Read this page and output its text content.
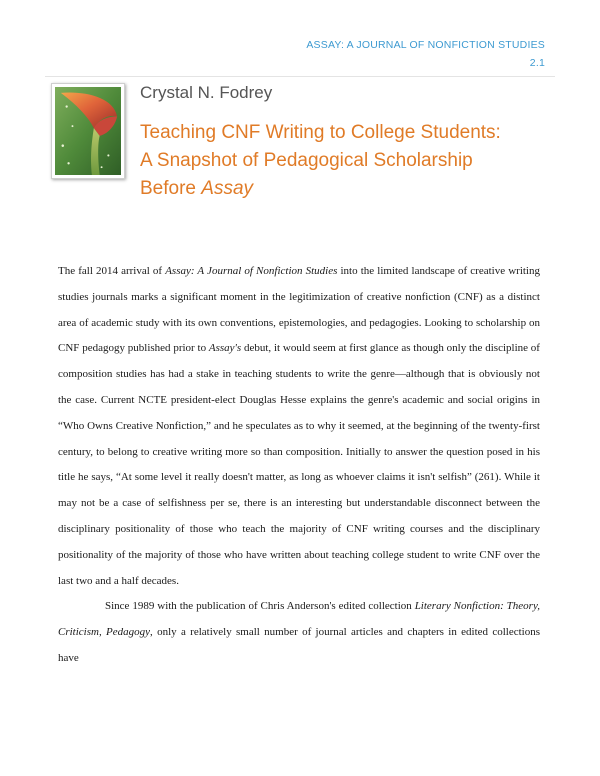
ASSAY: A JOURNAL OF NONFICTION STUDIES
2.1
Crystal N. Fodrey
Teaching CNF Writing to College Students:
A Snapshot of Pedagogical Scholarship
Before Assay

The fall 2014 arrival of Assay: A Journal of Nonfiction Studies into the limited landscape of creative writing studies journals marks a significant moment in the legitimization of creative nonfiction (CNF) as a distinct area of academic study with its own conventions, epistemologies, and pedagogies. Looking to scholarship on CNF pedagogy published prior to Assay's debut, it would seem at first glance as though only the discipline of composition studies has had a stake in teaching students to write the genre—although that is obviously not the case. Current NCTE president-elect Douglas Hesse explains the genre's academic and social origins in “Who Owns Creative Nonfiction,” and he speculates as to why it seemed, at the beginning of the twenty-first century, to belong to creative writing more so than composition. Initially to answer the question posed in his title he says, “At some level it really doesn't matter, as long as whoever claims it isn't selfish” (261). While it may not be a case of selfishness per se, there is an interesting but understandable disconnect between the disciplinary positionality of those who teach the majority of CNF writing courses and the disciplinary positionality of the majority of those who have written about teaching college student to write CNF over the last two and a half decades.

Since 1989 with the publication of Chris Anderson's edited collection Literary Nonfiction: Theory, Criticism, Pedagogy, only a relatively small number of journal articles and chapters in edited collections have
